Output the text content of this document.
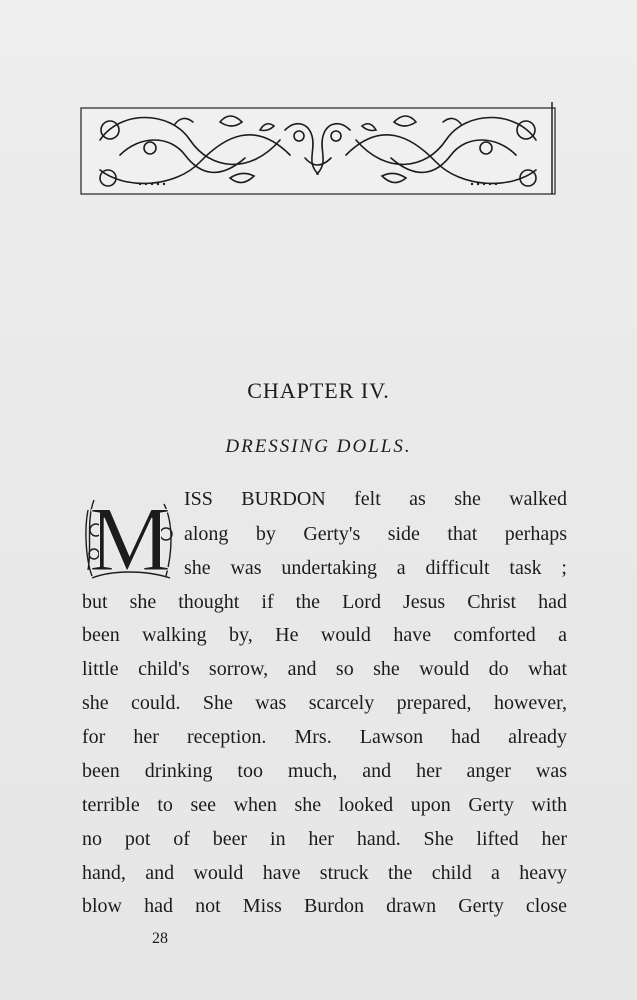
CHAPTER IV.
DRESSING DOLLS.
M ISS BURDON felt as she walked
along by Gerty's side that perhaps
she was undertaking a difficult task ;
but she thought if the Lord Jesus Christ had
been walking by, He would have comforted a
little child's sorrow, and so she would do what
she could. She was scarcely prepared, however,
for her reception. Mrs. Lawson had already
been drinking too much, and her anger was
terrible to see when she looked upon Gerty with
no pot of beer in her hand. She lifted her
hand, and would have struck the child a heavy
blow had not Miss Burdon drawn Gerty close
28
